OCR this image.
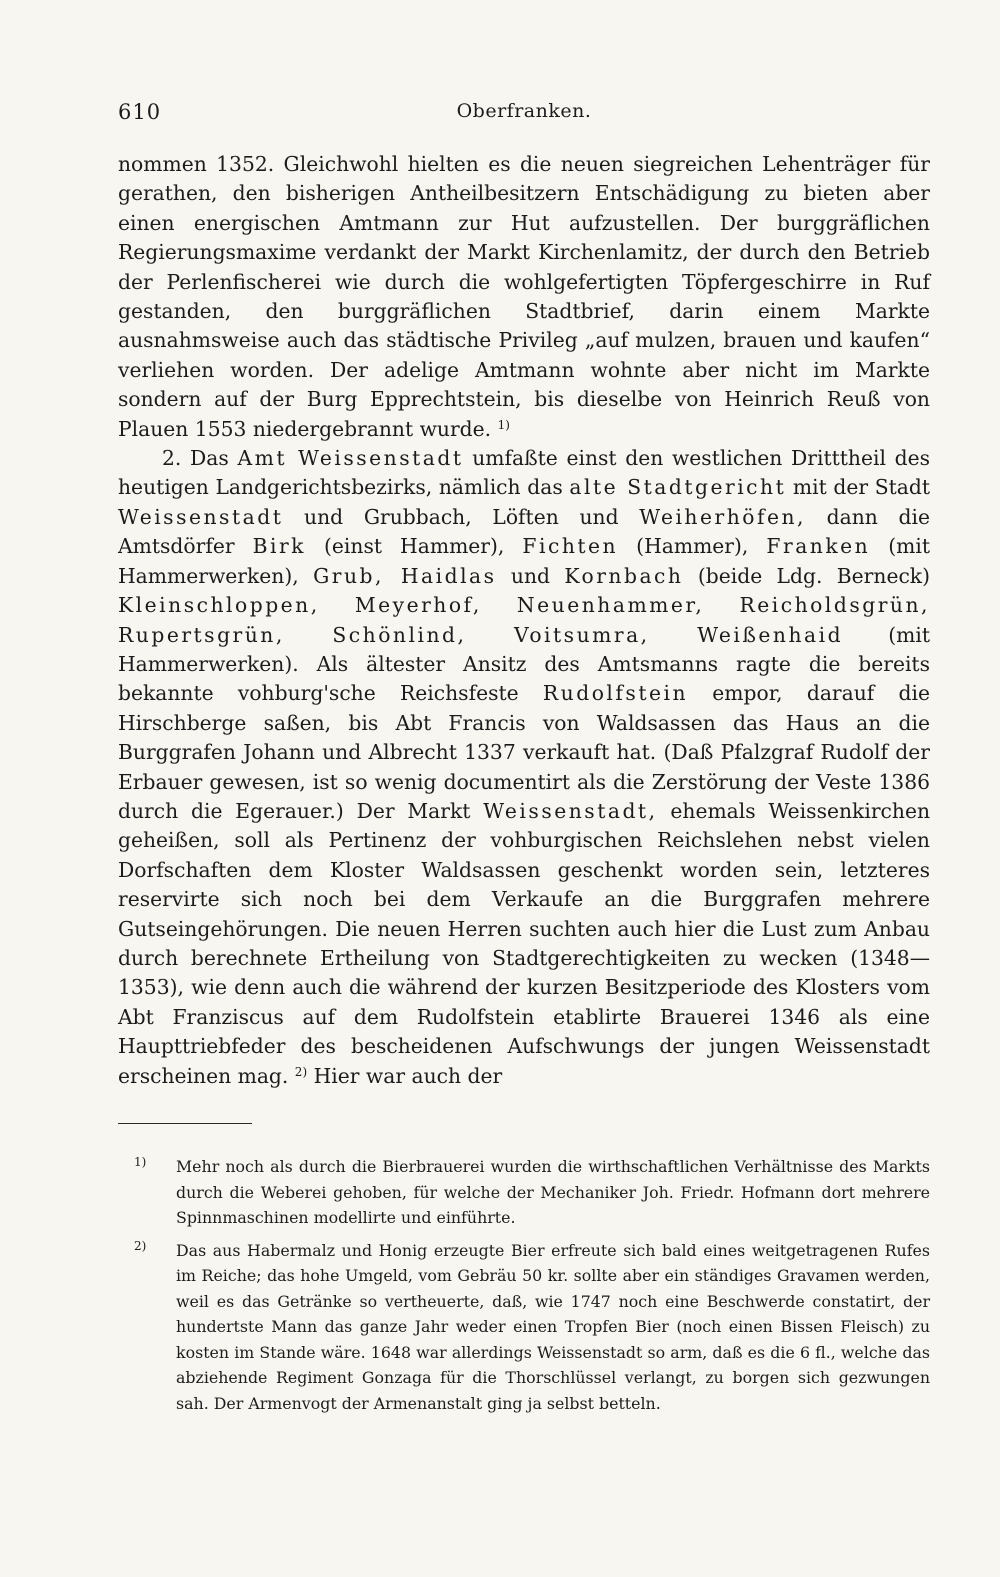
610	Oberfranken.

nommen 1352. Gleichwohl hielten es die neuen siegreichen Lehenträger für gerathen, den bisherigen Antheilbesitzern Entschädigung zu bieten aber einen energischen Amtmann zur Hut aufzustellen. Der burggräflichen Regierungsmaxime verdankt der Markt Kirchenlamitz, der durch den Betrieb der Perlenfischerei wie durch die wohlgefertigten Töpfergeschirre in Ruf gestanden, den burggräflichen Stadtbrief, darin einem Markte ausnahmsweise auch das städtische Privileg „auf mulzen, brauen und kaufen“ verliehen worden. Der adelige Amtmann wohnte aber nicht im Markte sondern auf der Burg Epprechtstein, bis dieselbe von Heinrich Reuß von Plauen 1553 niedergebrannt wurde. $^{1)}$

2. Das Amt Weissenstadt umfaßte einst den westlichen Dritttheil des heutigen Landgerichtsbezirks, nämlich das alte Stadtgericht mit der Stadt Weissenstadt und Grubbach, Löften und Weiherhöfen, dann die Amtsdörfer Birk (einst Hammer), Fichten (Hammer), Franken (mit Hammerwerken), Grub, Haidlas und Kornbach (beide Ldg. Berneck) Kleinschloppen, Meyerhof, Neuenhammer, Reicholdsgrün, Rupertsgrün, Schönlind, Voitsumra, Weißenhaid (mit Hammerwerken). Als ältester Ansitz des Amtsmanns ragte die bereits bekannte vohburg'sche Reichsfeste Rudolfstein empor, darauf die Hirschberge saßen, bis Abt Francis von Waldsassen das Haus an die Burggrafen Johann und Albrecht 1337 verkauft hat. (Daß Pfalzgraf Rudolf der Erbauer gewesen, ist so wenig documentirt als die Zerstörung der Veste 1386 durch die Egerauer.) Der Markt Weissenstadt, ehemals Weissenkirchen geheißen, soll als Pertinenz der vohburgischen Reichslehen nebst vielen Dorfschaften dem Kloster Waldsassen geschenkt worden sein, letzteres reservirte sich noch bei dem Verkaufe an die Burggrafen mehrere Gutseingehörungen. Die neuen Herren suchten auch hier die Lust zum Anbau durch berechnete Ertheilung von Stadtgerechtigkeiten zu wecken (1348—1353), wie denn auch die während der kurzen Besitzperiode des Klosters vom Abt Franziscus auf dem Rudolfstein etablirte Brauerei 1346 als eine Haupttriebfeder des bescheidenen Aufschwungs der jungen Weissenstadt erscheinen mag. $^{2)}$ Hier war auch der

1) Mehr noch als durch die Bierbrauerei wurden die wirthschaftlichen Verhältnisse des Markts durch die Weberei gehoben, für welche der Mechaniker Joh. Friedr. Hofmann dort mehrere Spinnmaschinen modellirte und einführte.
2) Das aus Habermalz und Honig erzeugte Bier erfreute sich bald eines weitgetragenen Rufes im Reiche; das hohe Umgeld, vom Gebräu 50 kr. sollte aber ein ständiges Gravamen werden, weil es das Getränke so vertheuerte, daß, wie 1747 noch eine Beschwerde constatirt, der hundertste Mann das ganze Jahr weder einen Tropfen Bier (noch einen Bissen Fleisch) zu kosten im Stande wäre. 1648 war allerdings Weissenstadt so arm, daß es die 6 fl., welche das abziehende Regiment Gonzaga für die Thorschlüssel verlangt, zu borgen sich gezwungen sah. Der Armenvogt der Armenanstalt ging ja selbst betteln.
